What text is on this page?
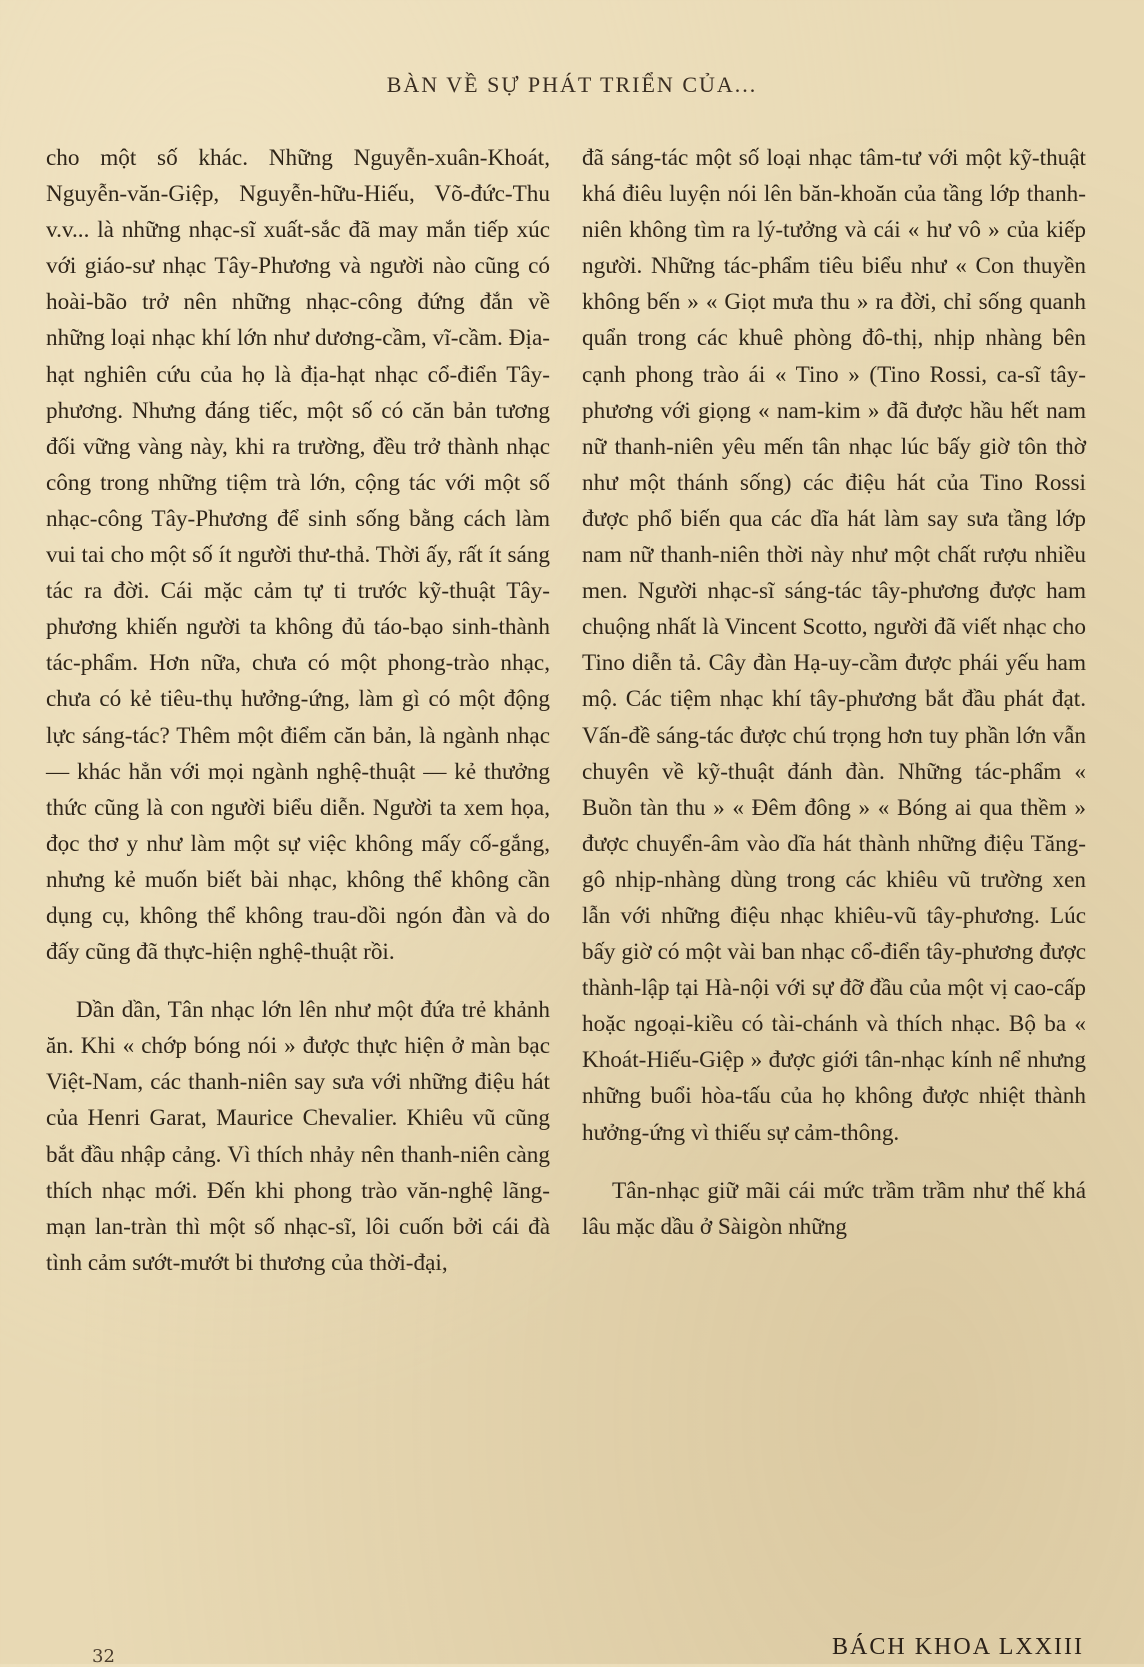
BÀN VỀ SỰ PHÁT TRIỂN CỦA...

cho một số khác. Những Nguyễn-xuân-Khoát, Nguyễn-văn-Giệp, Nguyễn-hữu-Hiếu, Võ-đức-Thu v.v... là những nhạc-sĩ xuất-sắc đã may mắn tiếp xúc với giáo-sư nhạc Tây-Phương và người nào cũng có hoài-bão trở nên những nhạc-công đứng đắn về những loại nhạc khí lớn như dương-cầm, vĩ-cầm. Địa-hạt nghiên cứu của họ là địa-hạt nhạc cổ-điển Tây-phương. Nhưng đáng tiếc, một số có căn bản tương đối vững vàng này, khi ra trường, đều trở thành nhạc công trong những tiệm trà lớn, cộng tác với một số nhạc-công Tây-Phương để sinh sống bằng cách làm vui tai cho một số ít người thư-thả. Thời ấy, rất ít sáng tác ra đời. Cái mặc cảm tự ti trước kỹ-thuật Tây-phương khiến người ta không đủ táo-bạo sinh-thành tác-phẩm. Hơn nữa, chưa có một phong-trào nhạc, chưa có kẻ tiêu-thụ hưởng-ứng, làm gì có một động lực sáng-tác? Thêm một điểm căn bản, là ngành nhạc — khác hẳn với mọi ngành nghệ-thuật — kẻ thưởng thức cũng là con người biểu diễn. Người ta xem họa, đọc thơ y như làm một sự việc không mấy cố-gắng, nhưng kẻ muốn biết bài nhạc, không thể không cần dụng cụ, không thể không trau-dồi ngón đàn và do đấy cũng đã thực-hiện nghệ-thuật rồi.

Dần dần, Tân nhạc lớn lên như một đứa trẻ khảnh ăn. Khi « chớp bóng nói » được thực hiện ở màn bạc Việt-Nam, các thanh-niên say sưa với những điệu hát của Henri Garat, Maurice Chevalier. Khiêu vũ cũng bắt đầu nhập cảng. Vì thích nhảy nên thanh-niên càng thích nhạc mới. Đến khi phong trào văn-nghệ lãng-mạn lan-tràn thì một số nhạc-sĩ, lôi cuốn bởi cái đà tình cảm sướt-mướt bi thương của thời-đại,

đã sáng-tác một số loại nhạc tâm-tư với một kỹ-thuật khá điêu luyện nói lên băn-khoăn của tầng lớp thanh-niên không tìm ra lý-tưởng và cái « hư vô » của kiếp người. Những tác-phẩm tiêu biểu như « Con thuyền không bến » « Giọt mưa thu » ra đời, chỉ sống quanh quẩn trong các khuê phòng đô-thị, nhịp nhàng bên cạnh phong trào ái « Tino » (Tino Rossi, ca-sĩ tây-phương với giọng « nam-kim » đã được hầu hết nam nữ thanh-niên yêu mến tân nhạc lúc bấy giờ tôn thờ như một thánh sống) các điệu hát của Tino Rossi được phổ biến qua các dĩa hát làm say sưa tầng lớp nam nữ thanh-niên thời này như một chất rượu nhiều men. Người nhạc-sĩ sáng-tác tây-phương được ham chuộng nhất là Vincent Scotto, người đã viết nhạc cho Tino diễn tả. Cây đàn Hạ-uy-cầm được phái yếu ham mộ. Các tiệm nhạc khí tây-phương bắt đầu phát đạt. Vấn-đề sáng-tác được chú trọng hơn tuy phần lớn vẫn chuyên về kỹ-thuật đánh đàn. Những tác-phẩm « Buồn tàn thu » « Đêm đông » « Bóng ai qua thềm » được chuyển-âm vào dĩa hát thành những điệu Tăng-gô nhịp-nhàng dùng trong các khiêu vũ trường xen lẫn với những điệu nhạc khiêu-vũ tây-phương. Lúc bấy giờ có một vài ban nhạc cổ-điển tây-phương được thành-lập tại Hà-nội với sự đỡ đầu của một vị cao-cấp hoặc ngoại-kiều có tài-chánh và thích nhạc. Bộ ba « Khoát-Hiếu-Giệp » được giới tân-nhạc kính nể nhưng những buổi hòa-tấu của họ không được nhiệt thành hưởng-ứng vì thiếu sự cảm-thông.

Tân-nhạc giữ mãi cái mức trầm trầm như thế khá lâu mặc dầu ở Sàigòn những

32	BÁCH KHOA LXXIII
